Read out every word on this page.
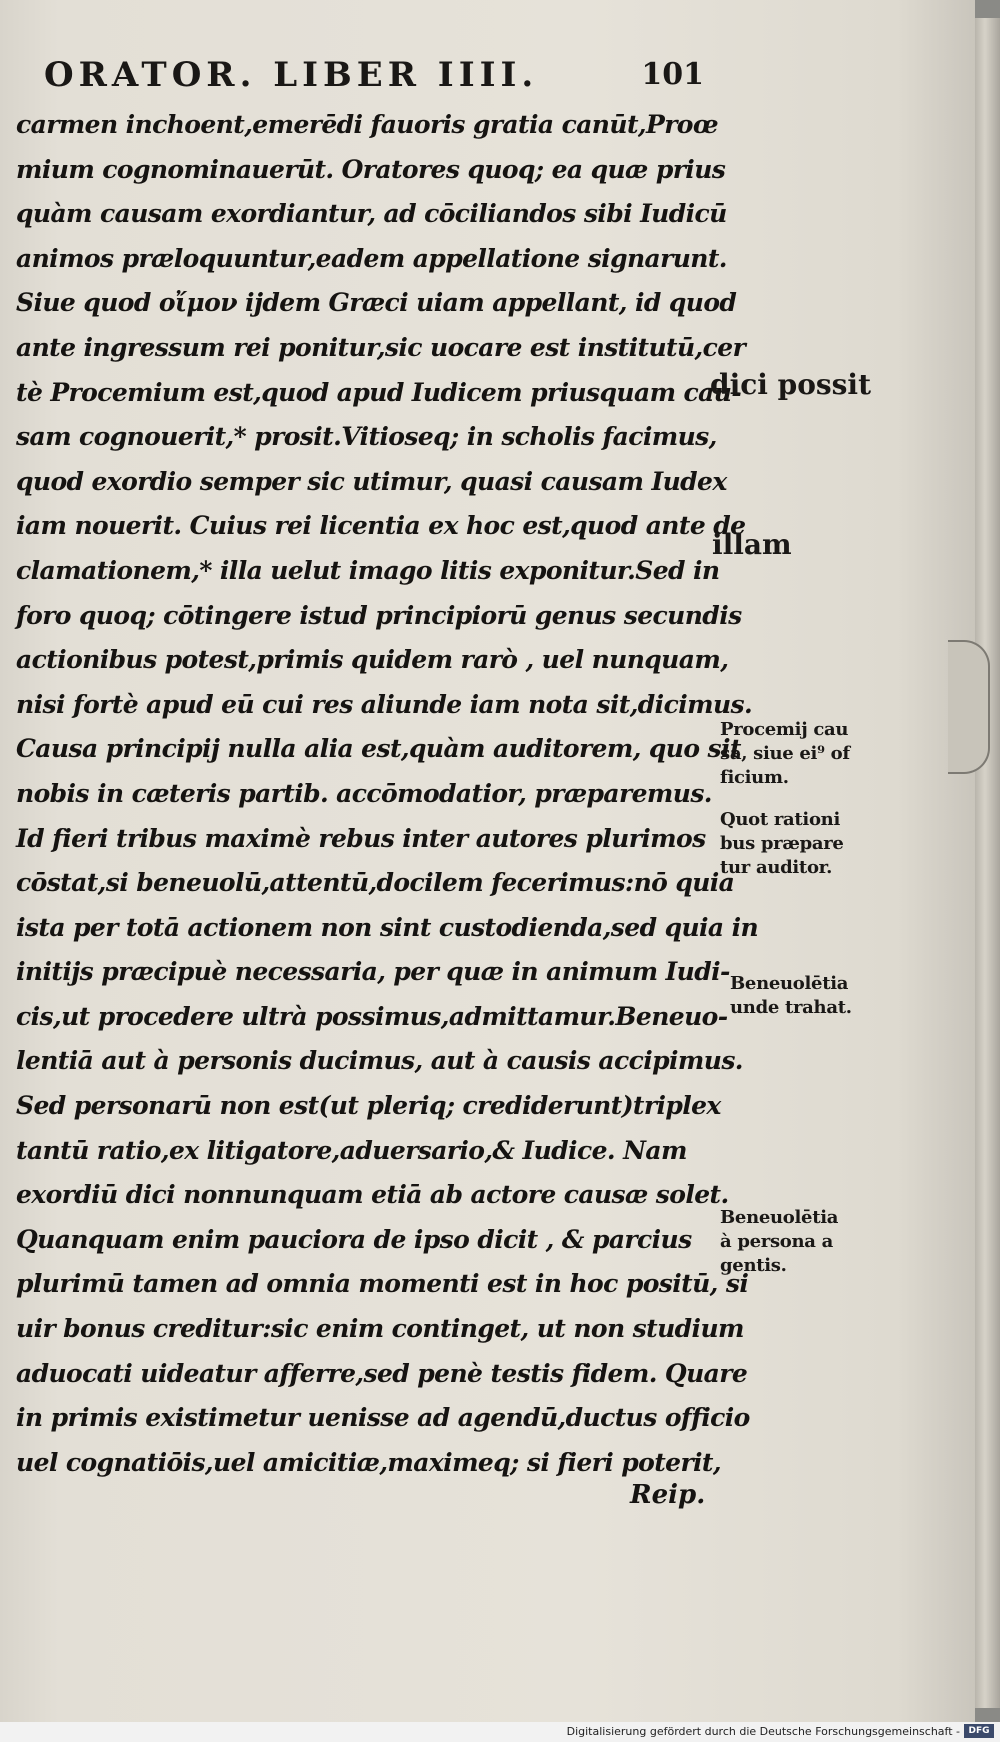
ORATOR. LIBER IIII.	101
carmen inchoent,emerēdi fauoris gratia canūt,Proœ
mium cognominauerūt. Oratores quoq; ea quæ prius
quàm causam exordiantur, ad cōciliandos sibi Iudicū
animos præloquuntur,eadem appellatione signarunt.
Siue quod οἴμον ijdem Græci uiam appellant, id quod
ante ingressum rei ponitur,sic uocare est institutū,cer
tè Procemium est,quod apud Iudicem priusquam cau-
sam cognouerit,* prosit.Vitioseq; in scholis facimus,
quod exordio semper sic utimur, quasi causam Iudex
iam nouerit. Cuius rei licentia ex hoc est,quod ante de
clamationem,* illa uelut imago litis exponitur.Sed in
foro quoq; cōtingere istud principiorū genus secundis
actionibus potest,primis quidem rarò , uel nunquam,
nisi fortè apud eū cui res aliunde iam nota sit,dicimus.
Causa principij nulla alia est,quàm auditorem, quo sit
nobis in cæteris partib. accōmodatior, præparemus.
Id fieri tribus maximè rebus inter autores plurimos
cōstat,si beneuolū,attentū,docilem fecerimus:nō quia
ista per totā actionem non sint custodienda,sed quia in
initijs præcipuè necessaria, per quæ in animum Iudi-
cis,ut procedere ultrà possimus,admittamur.Beneuo-
lentiā aut à personis ducimus, aut à causis accipimus.
Sed personarū non est(ut pleriq; crediderunt)triplex
tantū ratio,ex litigatore,aduersario,& Iudice. Nam
exordiū dici nonnunquam etiā ab actore causæ solet.
Quanquam enim pauciora de ipso dicit , & parcius
plurimū tamen ad omnia momenti est in hoc positū, si
uir bonus creditur:sic enim continget, ut non studium
aduocati uideatur afferre,sed penè testis fidem. Quare
in primis existimetur uenisse ad agendū,ductus officio
uel cognatiōis,uel amicitiæ,maximeq; si fieri poterit,
dici possit
illam
Procemij cau
sa, siue ei⁹ of
ficium.
Quot rationi
bus præpare
tur auditor.
Beneuolētia
unde trahat.
Beneuolētia
à persona a
gentis.
Reip.
Digitalisierung gefördert durch die Deutsche Forschungsgemeinschaft - DFG
